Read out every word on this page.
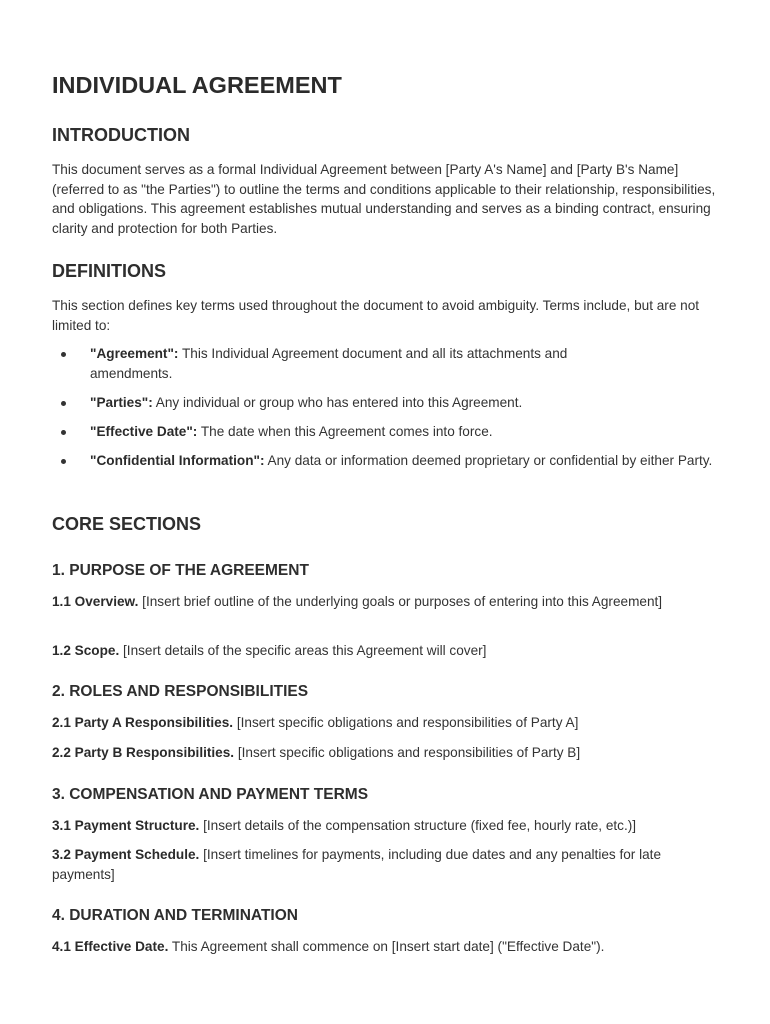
INDIVIDUAL AGREEMENT
INTRODUCTION
This document serves as a formal Individual Agreement between [Party A's Name] and [Party B's Name] (referred to as "the Parties") to outline the terms and conditions applicable to their relationship, responsibilities, and obligations. This agreement establishes mutual understanding and serves as a binding contract, ensuring clarity and protection for both Parties.
DEFINITIONS
This section defines key terms used throughout the document to avoid ambiguity. Terms include, but are not limited to:
"Agreement": This Individual Agreement document and all its attachments and amendments.
"Parties": Any individual or group who has entered into this Agreement.
"Effective Date": The date when this Agreement comes into force.
"Confidential Information": Any data or information deemed proprietary or confidential by either Party.
CORE SECTIONS
1. PURPOSE OF THE AGREEMENT
1.1 Overview. [Insert brief outline of the underlying goals or purposes of entering into this Agreement]
1.2 Scope. [Insert details of the specific areas this Agreement will cover]
2. ROLES AND RESPONSIBILITIES
2.1 Party A Responsibilities. [Insert specific obligations and responsibilities of Party A]
2.2 Party B Responsibilities. [Insert specific obligations and responsibilities of Party B]
3. COMPENSATION AND PAYMENT TERMS
3.1 Payment Structure. [Insert details of the compensation structure (fixed fee, hourly rate, etc.)]
3.2 Payment Schedule. [Insert timelines for payments, including due dates and any penalties for late payments]
4. DURATION AND TERMINATION
4.1 Effective Date. This Agreement shall commence on [Insert start date] ("Effective Date").
